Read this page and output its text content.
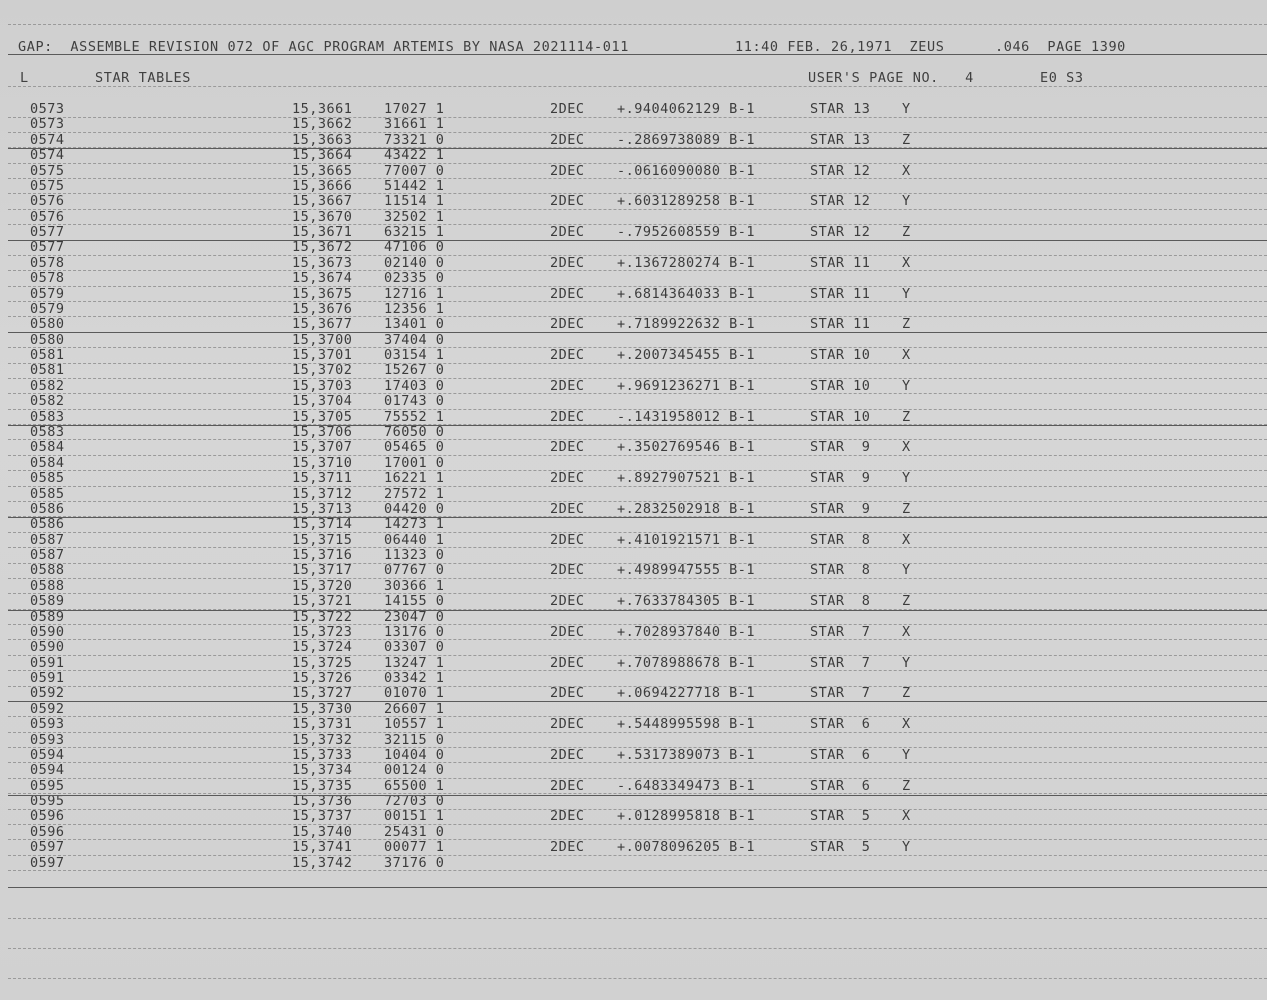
GAP:  ASSEMBLE REVISION 072 OF AGC PROGRAM ARTEMIS BY NASA 2021114-011	11:40 FEB. 26,1971  ZEUS	.046  PAGE 1390
L	STAR TABLES	USER'S PAGE NO.   4	E0 S3
0573	15,3661 17027 1	2DEC +.9404062129 B-1	STAR 13 Y
0573	15,3662 31661 1
0574	15,3663 73321 0	2DEC -.2869738089 B-1	STAR 13 Z
0574	15,3664 43422 1
0575	15,3665 77007 0	2DEC -.0616090080 B-1	STAR 12 X
0575	15,3666 51442 1
0576	15,3667 11514 1	2DEC +.6031289258 B-1	STAR 12 Y
0576	15,3670 32502 1
0577	15,3671 63215 1	2DEC -.7952608559 B-1	STAR 12 Z
0577	15,3672 47106 0
0578	15,3673 02140 0	2DEC +.1367280274 B-1	STAR 11 X
0578	15,3674 02335 0
0579	15,3675 12716 1	2DEC +.6814364033 B-1	STAR 11 Y
0579	15,3676 12356 1
0580	15,3677 13401 0	2DEC +.7189922632 B-1	STAR 11 Z
0580	15,3700 37404 0
0581	15,3701 03154 1	2DEC +.2007345455 B-1	STAR 10 X
0581	15,3702 15267 0
0582	15,3703 17403 0	2DEC +.9691236271 B-1	STAR 10 Y
0582	15,3704 01743 0
0583	15,3705 75552 1	2DEC -.1431958012 B-1	STAR 10 Z
0583	15,3706 76050 0
0584	15,3707 05465 0	2DEC +.3502769546 B-1	STAR  9 X
0584	15,3710 17001 0
0585	15,3711 16221 1	2DEC +.8927907521 B-1	STAR  9 Y
0585	15,3712 27572 1
0586	15,3713 04420 0	2DEC +.2832502918 B-1	STAR  9 Z
0586	15,3714 14273 1
0587	15,3715 06440 1	2DEC +.4101921571 B-1	STAR  8 X
0587	15,3716 11323 0
0588	15,3717 07767 0	2DEC +.4989947555 B-1	STAR  8 Y
0588	15,3720 30366 1
0589	15,3721 14155 0	2DEC +.7633784305 B-1	STAR  8 Z
0589	15,3722 23047 0
0590	15,3723 13176 0	2DEC +.7028937840 B-1	STAR  7 X
0590	15,3724 03307 0
0591	15,3725 13247 1	2DEC +.7078988678 B-1	STAR  7 Y
0591	15,3726 03342 1
0592	15,3727 01070 1	2DEC +.0694227718 B-1	STAR  7 Z
0592	15,3730 26607 1
0593	15,3731 10557 1	2DEC +.5448995598 B-1	STAR  6 X
0593	15,3732 32115 0
0594	15,3733 10404 0	2DEC +.5317389073 B-1	STAR  6 Y
0594	15,3734 00124 0
0595	15,3735 65500 1	2DEC -.6483349473 B-1	STAR  6 Z
0595	15,3736 72703 0
0596	15,3737 00151 1	2DEC +.0128995818 B-1	STAR  5 X
0596	15,3740 25431 0
0597	15,3741 00077 1	2DEC +.0078096205 B-1	STAR  5 Y
0597	15,3742 37176 0
